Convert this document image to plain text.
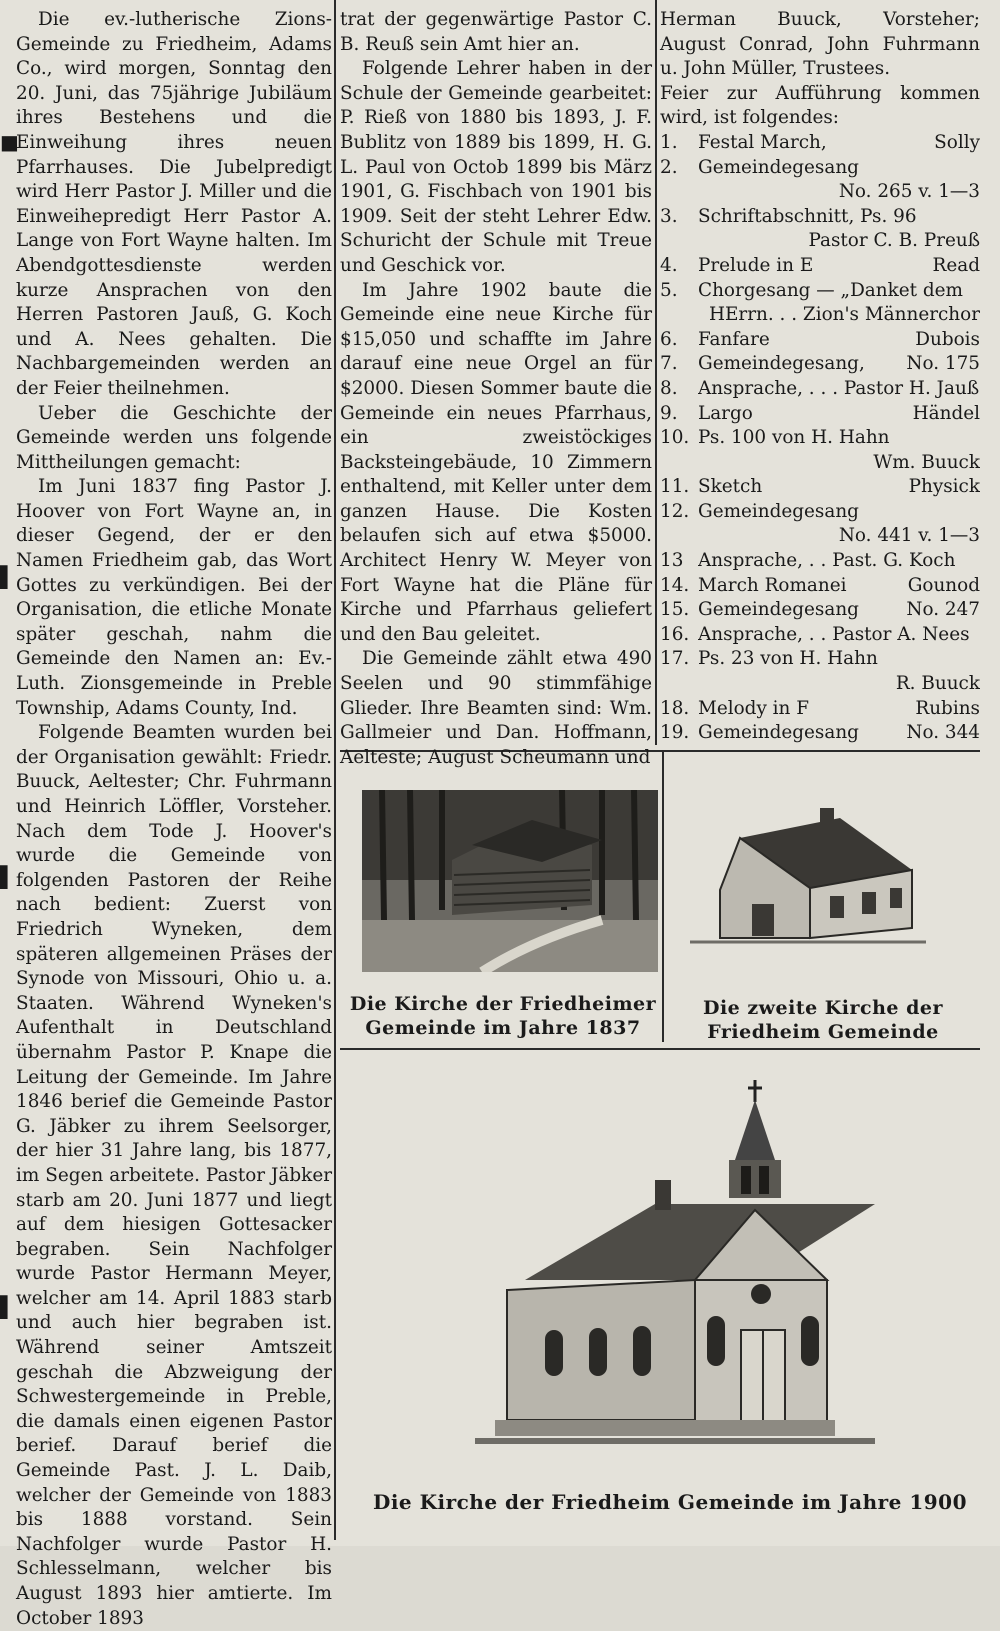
■
▌
▌
▌

Die ev.-lutherische Zions-Gemeinde zu Friedheim, Adams Co., wird morgen, Sonntag den 20. Juni, das 75jährige Jubiläum ihres Bestehens und die Einweihung ihres neuen Pfarrhauses. Die Jubelpredigt wird Herr Pastor J. Miller und die Einweihepredigt Herr Pastor A. Lange von Fort Wayne halten. Im Abendgottesdienste werden kurze Ansprachen von den Herren Pastoren Jauß, G. Koch und A. Nees gehalten. Die Nachbargemeinden werden an der Feier theilnehmen.

Ueber die Geschichte der Gemeinde werden uns folgende Mittheilungen gemacht:

Im Juni 1837 fing Pastor J. Hoover von Fort Wayne an, in dieser Gegend, der er den Namen Friedheim gab, das Wort Gottes zu verkündigen. Bei der Organisation, die etliche Monate später geschah, nahm die Gemeinde den Namen an: Ev.-Luth. Zionsgemeinde in Preble Township, Adams County, Ind.

Folgende Beamten wurden bei der Organisation gewählt: Friedr. Buuck, Aeltester; Chr. Fuhrmann und Heinrich Löffler, Vorsteher. Nach dem Tode J. Hoover's wurde die Gemeinde von folgenden Pastoren der Reihe nach bedient: Zuerst von Friedrich Wyneken, dem späteren allgemeinen Präses der Synode von Missouri, Ohio u. a. Staaten. Während Wyneken's Aufenthalt in Deutschland übernahm Pastor P. Knape die Leitung der Gemeinde. Im Jahre 1846 berief die Gemeinde Pastor G. Jäbker zu ihrem Seelsorger, der hier 31 Jahre lang, bis 1877, im Segen arbeitete. Pastor Jäbker starb am 20. Juni 1877 und liegt auf dem hiesigen Gottesacker begraben. Sein Nachfolger wurde Pastor Hermann Meyer, welcher am 14. April 1883 starb und auch hier begraben ist. Während seiner Amtszeit geschah die Abzweigung der Schwestergemeinde in Preble, die damals einen eigenen Pastor berief. Darauf berief die Gemeinde Past. J. L. Daib, welcher der Gemeinde von 1883 bis 1888 vorstand. Sein Nachfolger wurde Pastor H. Schlesselmann, welcher bis August 1893 hier amtierte. Im October 1893

trat der gegenwärtige Pastor C. B. Reuß sein Amt hier an.

Folgende Lehrer haben in der Schule der Gemeinde gearbeitet: P. Rieß von 1880 bis 1893, J. F. Bublitz von 1889 bis 1899, H. G. L. Paul von Octob 1899 bis März 1901, G. Fischbach von 1901 bis 1909. Seit der steht Lehrer Edw. Schuricht der Schule mit Treue und Geschick vor.

Im Jahre 1902 baute die Gemeinde eine neue Kirche für $15,050 und schaffte im Jahre darauf eine neue Orgel an für $2000. Diesen Sommer baute die Gemeinde ein neues Pfarrhaus, ein zweistöckiges Backsteingebäude, 10 Zimmern enthaltend, mit Keller unter dem ganzen Hause. Die Kosten belaufen sich auf etwa $5000. Architect Henry W. Meyer von Fort Wayne hat die Pläne für Kirche und Pfarrhaus geliefert und den Bau geleitet.

Die Gemeinde zählt etwa 490 Seelen und 90 stimmfähige Glieder. Ihre Beamten sind: Wm. Gallmeier und Dan. Hoffmann, Aelteste; August Scheumann und

Herman Buuck, Vorsteher; August Conrad, John Fuhrmann u. John Müller, Trustees.

Feier zur Aufführung kommen wird, ist folgendes:

1.	Festal March,	Solly
2.	Gemeindegesang
No. 265 v. 1—3
3.	Schriftabschnitt, Ps. 96
Pastor C. B. Preuß
4.	Prelude in E	Read
5.	Chorgesang — „Danket dem
HErrn. . . Zion's Männerchor
6.	Fanfare	Dubois
7.	Gemeindegesang, No. 175
8.	Ansprache, . . . Pastor H. Jauß
9.	Largo	Händel
10. Ps. 100 von H. Hahn
Wm. Buuck
11. Sketch	Physick
12. Gemeindegesang
No. 441 v. 1—3
13 Ansprache, . . Past. G. Koch
14. March Romanei	Gounod
15. Gemeindegesang	No. 247
16. Ansprache, . . Pastor A. Nees
17. Ps. 23 von H. Hahn
R. Buuck
18. Melody in F	Rubins
19. Gemeindegesang	No. 344
Die Kirche der Friedheimer Gemeinde im Jahre 1837
Die zweite Kirche der Friedheim Gemeinde
Die Kirche der Friedheim Gemeinde im Jahre 1900
